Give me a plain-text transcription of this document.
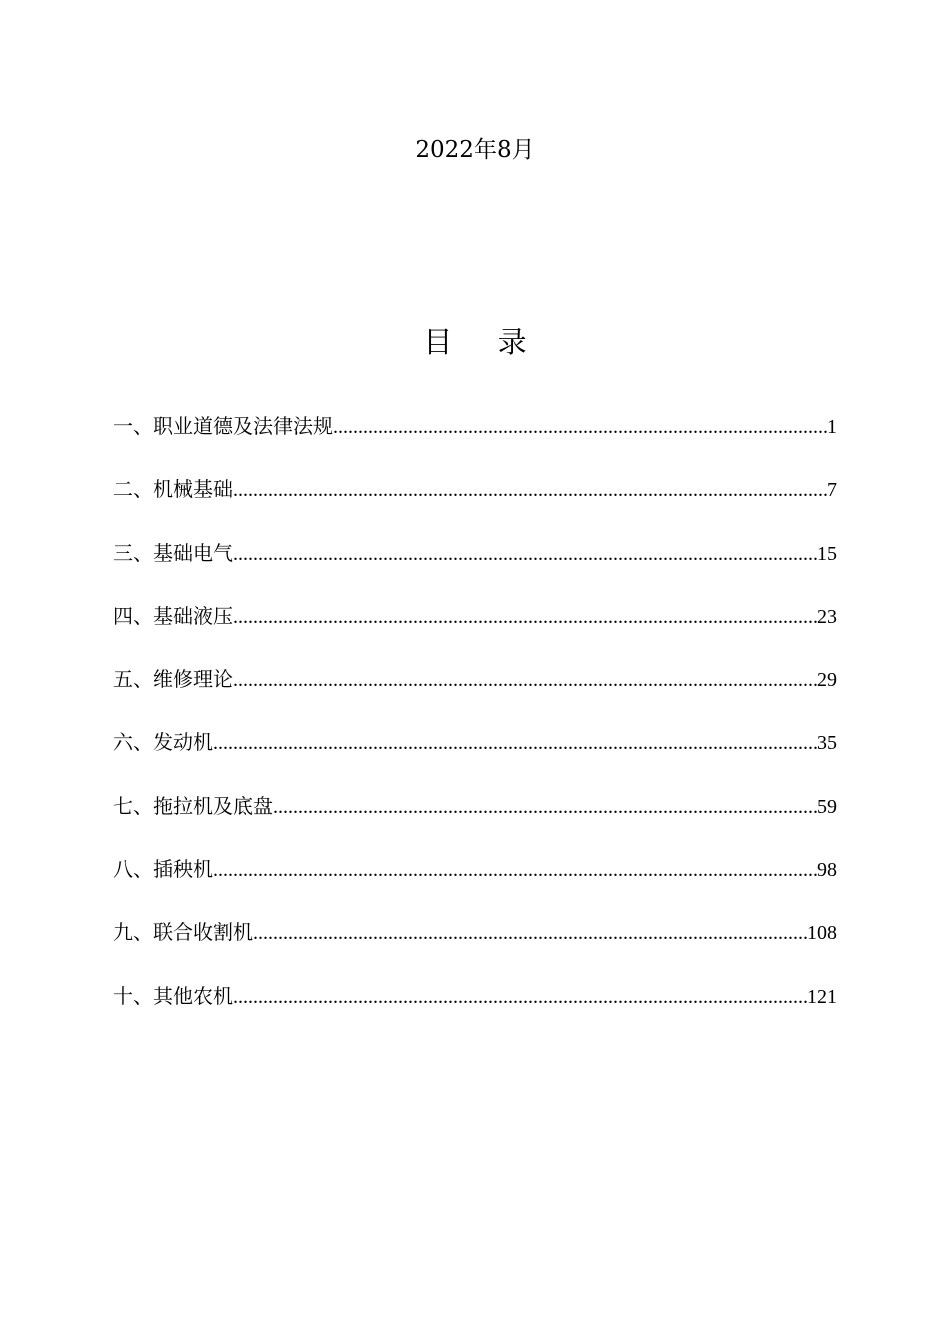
2022年8月
目 录
一、职业道德及法律法规 .....	1
二、机械基础 .....	7
三、基础电气 .....	15
四、基础液压 .....	23
五、维修理论 .....	29
六、发动机 .....	35
七、拖拉机及底盘 .....	59
八、插秧机 .....	98
九、联合收割机 .....	108
十、其他农机 .....	121
